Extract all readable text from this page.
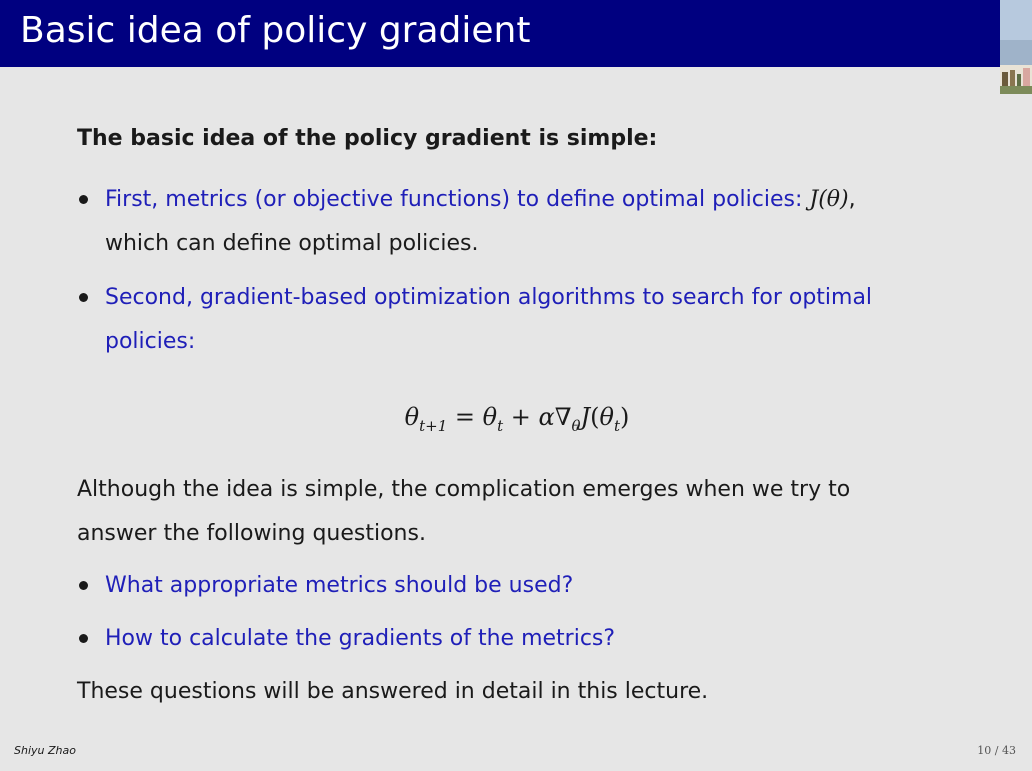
Basic idea of policy gradient
The basic idea of the policy gradient is simple:
First, metrics (or objective functions) to define optimal policies: J(θ),
which can define optimal policies.
Second, gradient-based optimization algorithms to search for optimal
policies:
$\theta_{t+1} = \theta_t + \alpha\nabla_\theta J(\theta_t)$
Although the idea is simple, the complication emerges when we try to
answer the following questions.
What appropriate metrics should be used?
How to calculate the gradients of the metrics?
These questions will be answered in detail in this lecture.
Shiyu Zhao	10 / 43
